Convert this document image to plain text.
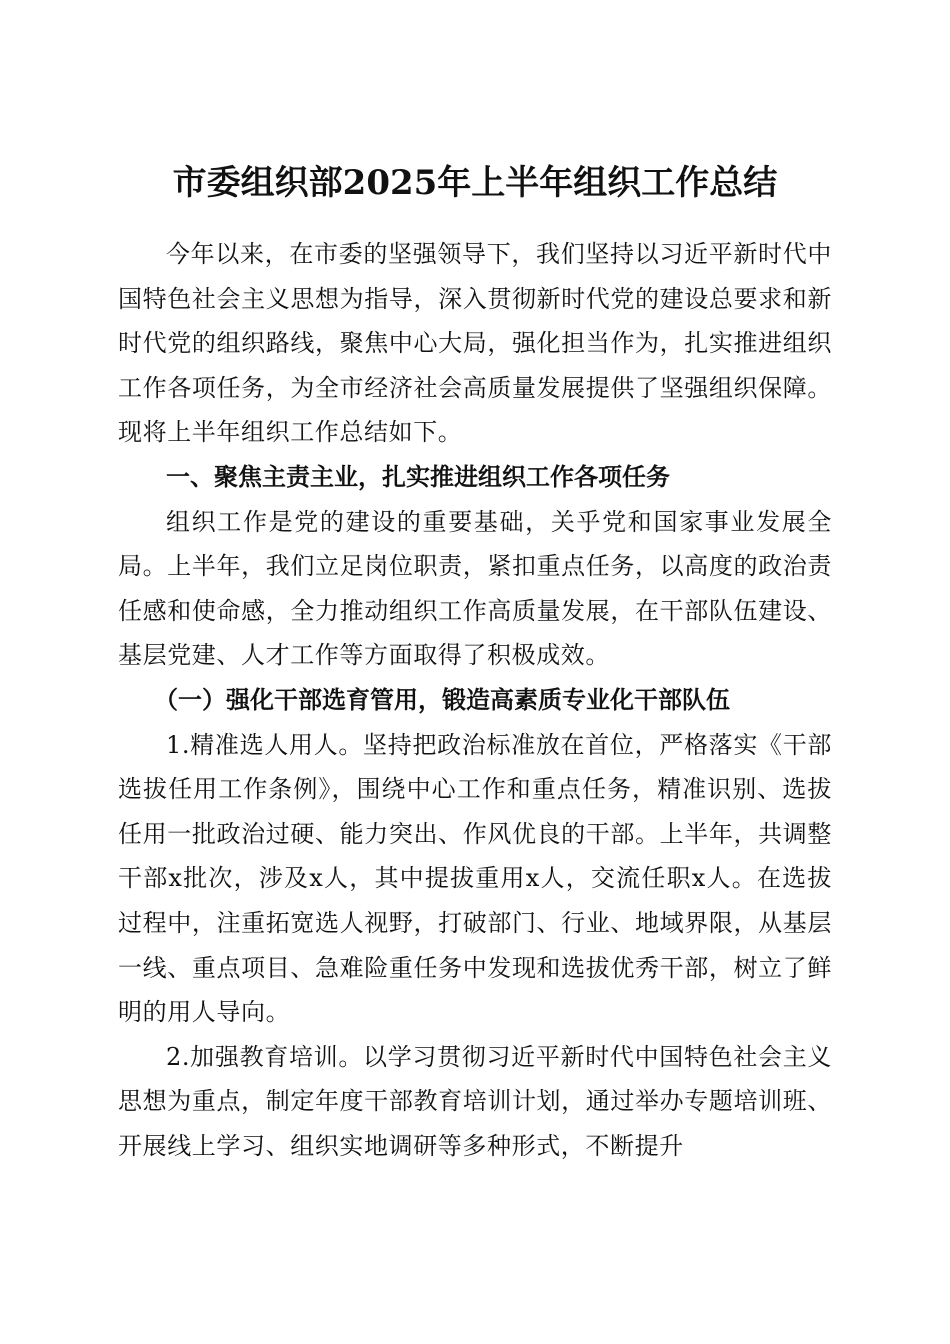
市委组织部2025年上半年组织工作总结

今年以来，在市委的坚强领导下，我们坚持以习近平新时代中国特色社会主义思想为指导，深入贯彻新时代党的建设总要求和新时代党的组织路线，聚焦中心大局，强化担当作为，扎实推进组织工作各项任务，为全市经济社会高质量发展提供了坚强组织保障。现将上半年组织工作总结如下。

一、聚焦主责主业，扎实推进组织工作各项任务

组织工作是党的建设的重要基础，关乎党和国家事业发展全局。上半年，我们立足岗位职责，紧扣重点任务，以高度的政治责任感和使命感，全力推动组织工作高质量发展，在干部队伍建设、基层党建、人才工作等方面取得了积极成效。

（一）强化干部选育管用，锻造高素质专业化干部队伍

1.精准选人用人。坚持把政治标准放在首位，严格落实《干部选拔任用工作条例》，围绕中心工作和重点任务，精准识别、选拔任用一批政治过硬、能力突出、作风优良的干部。上半年，共调整干部x批次，涉及x人，其中提拔重用x人，交流任职x人。在选拔过程中，注重拓宽选人视野，打破部门、行业、地域界限，从基层一线、重点项目、急难险重任务中发现和选拔优秀干部，树立了鲜明的用人导向。

2.加强教育培训。以学习贯彻习近平新时代中国特色社会主义思想为重点，制定年度干部教育培训计划，通过举办专题培训班、开展线上学习、组织实地调研等多种形式，不断提升
